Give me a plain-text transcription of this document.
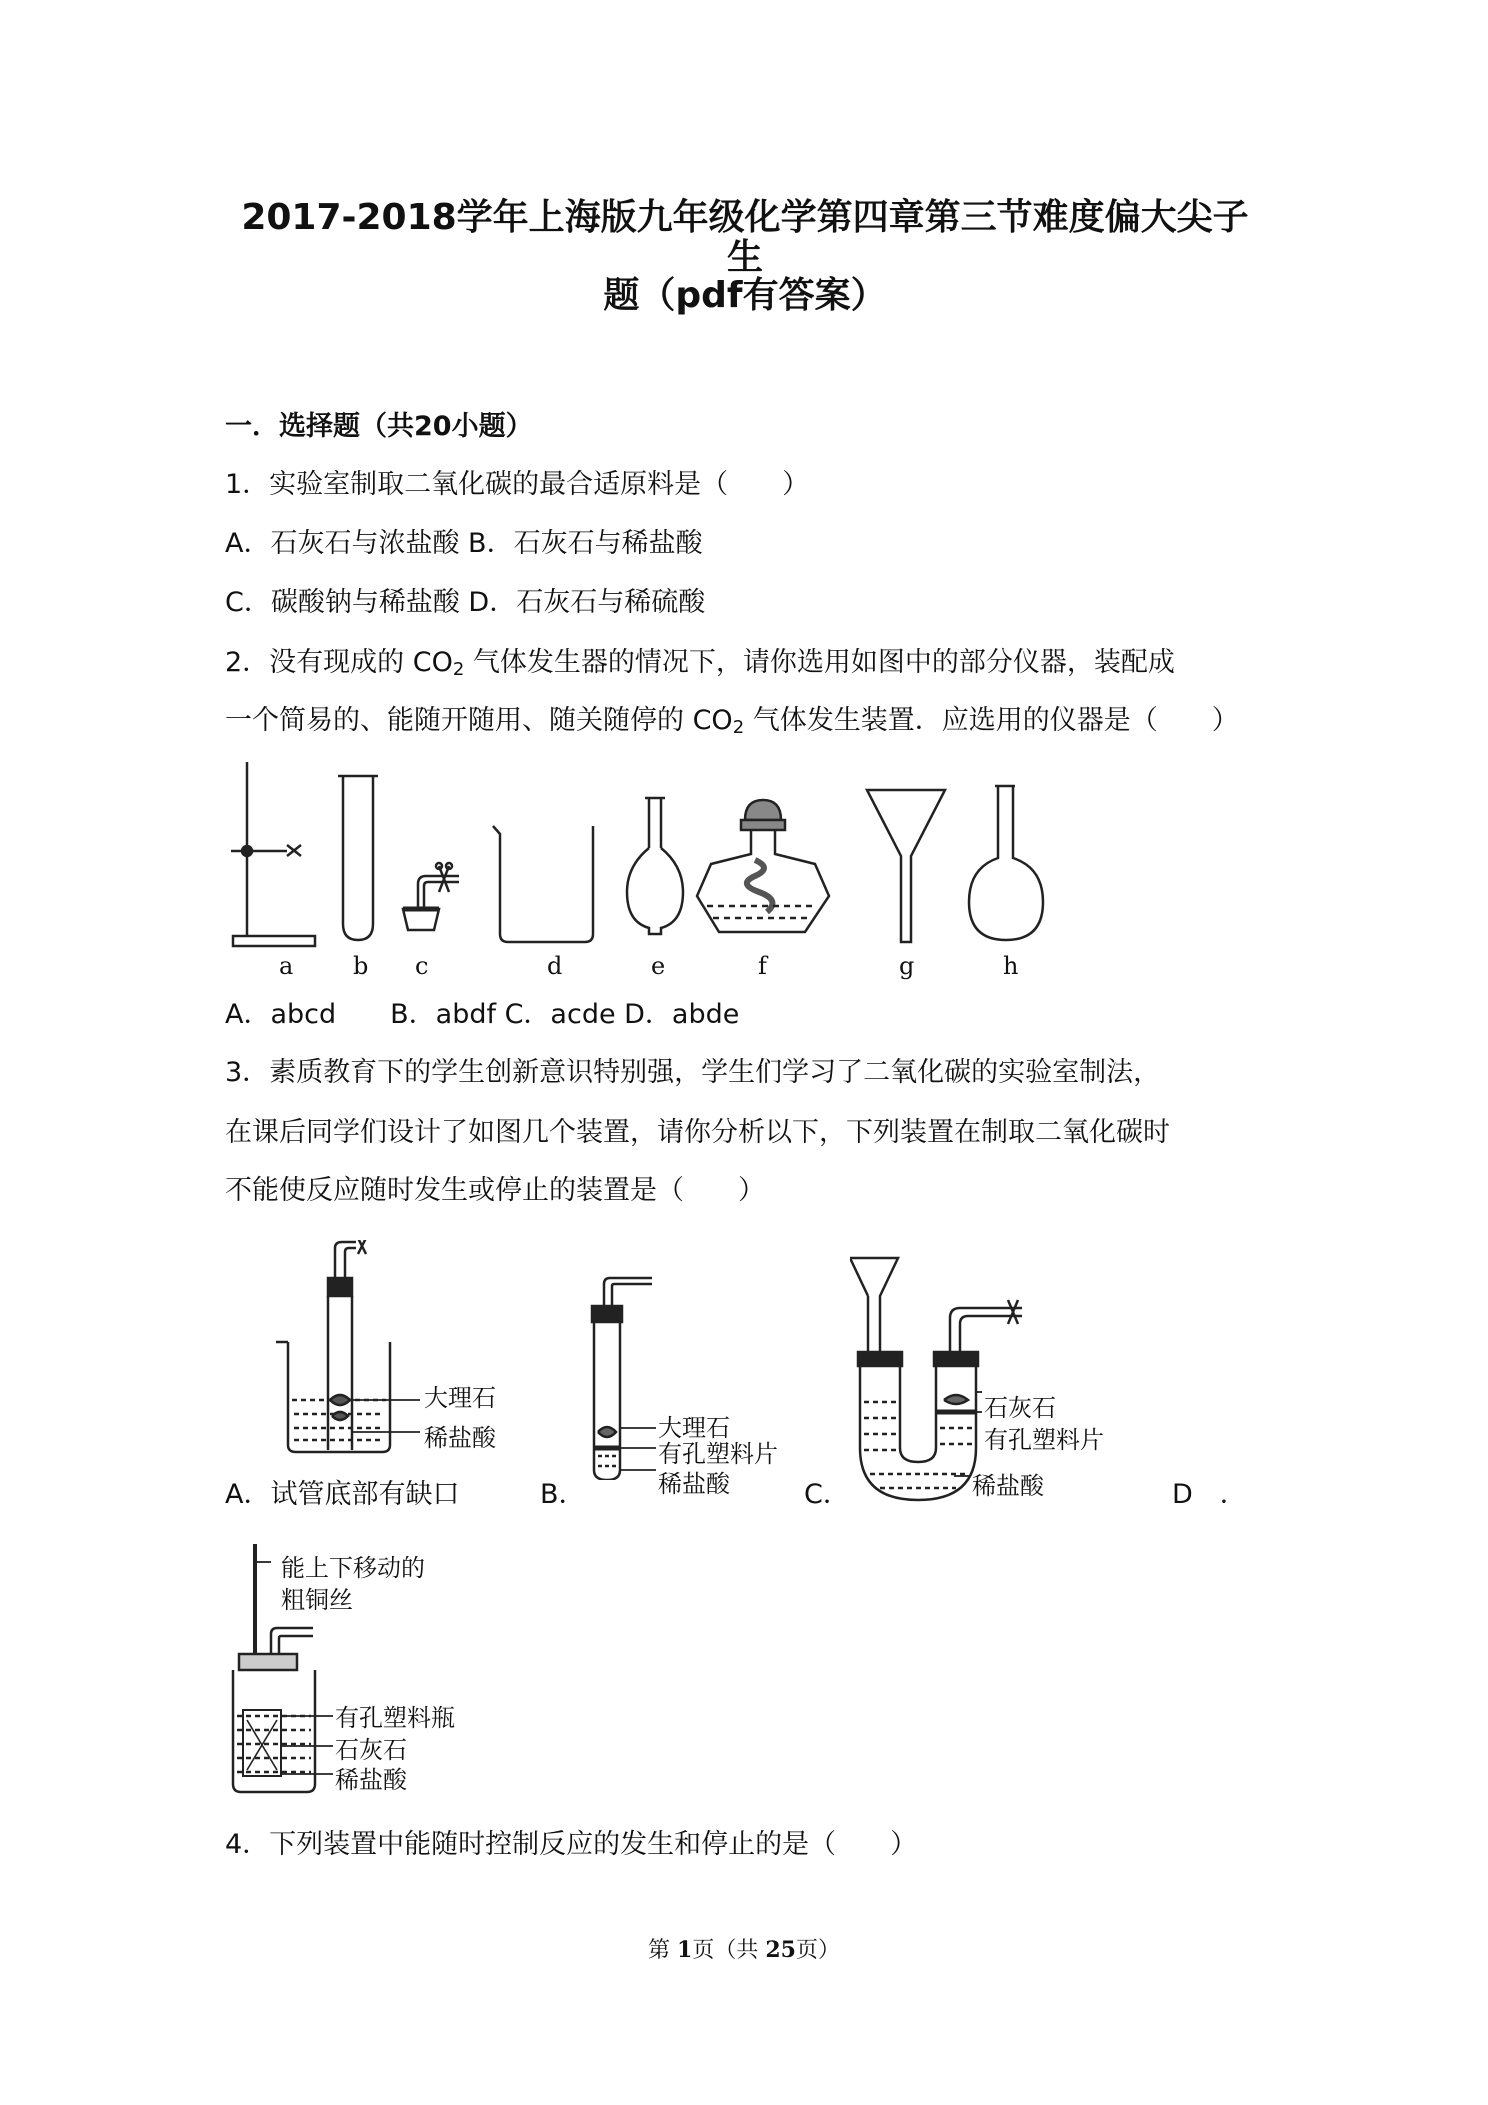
2017-2018学年上海版九年级化学第四章第三节难度偏大尖子生
题（pdf有答案）
一．选择题（共20小题）
1．实验室制取二氧化碳的最合适原料是（　　）
A．石灰石与浓盐酸 B．石灰石与稀盐酸
C．碳酸钠与稀盐酸 D．石灰石与稀硫酸
2．没有现成的 $CO_2$ 气体发生器的情况下，请你选用如图中的部分仪器，装配成
一个简易的、能随开随用、随关随停的 $CO_2$ 气体发生装置．应选用的仪器是（　　）
a b c	d	e	f	g	h
A．abcd　　B．abdf C．acde D．abde
3．素质教育下的学生创新意识特别强，学生们学习了二氧化碳的实验室制法，
在课后同学们设计了如图几个装置，请你分析以下，下列装置在制取二氧化碳时
不能使反应随时发生或停止的装置是（　　）
大理石
稀盐酸	大理石
有孔塑料片
稀盐酸
石灰石
有孔塑料片
稀盐酸
A．试管底部有缺口	B．	C．	D　．
能上下移动的
粗铜丝
有孔塑料瓶
石灰石
稀盐酸
4．下列装置中能随时控制反应的发生和停止的是（　　）
第 1页（共 25页）
